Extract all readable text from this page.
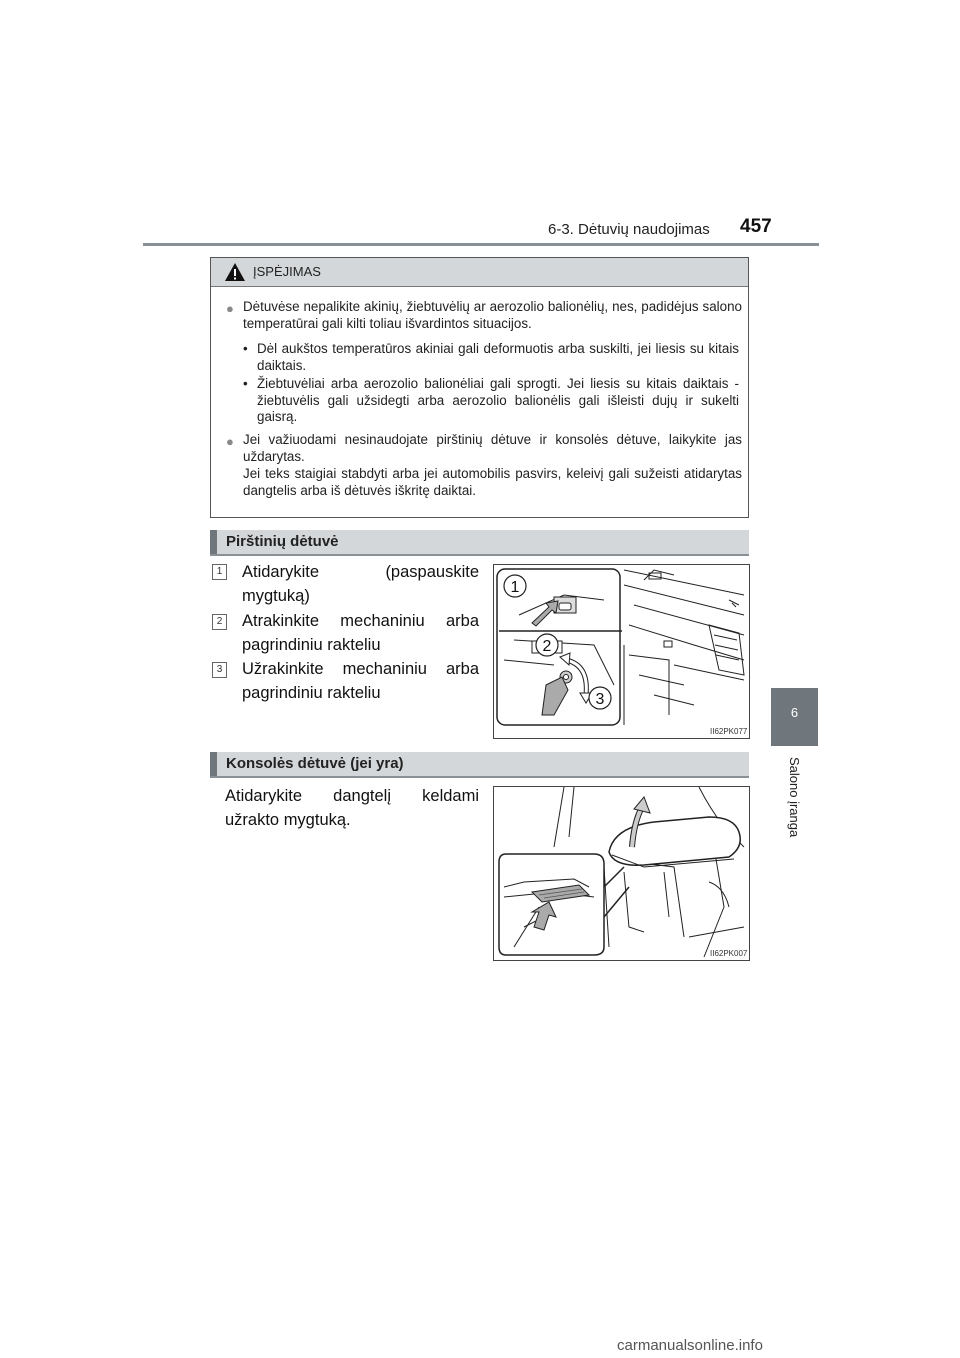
6-3. Dėtuvių naudojimas 457
6
Salono įranga
ĮSPĖJIMAS
● Dėtuvėse nepalikite akinių, žiebtuvėlių ar aerozolio balionėlių, nes, padidėjus salono temperatūrai gali kilti toliau išvardintos situacijos.
• Dėl aukštos temperatūros akiniai gali deformuotis arba suskilti, jei liesis su kitais daiktais.
• Žiebtuvėliai arba aerozolio balionėliai gali sprogti. Jei liesis su kitais daiktais - žiebtuvėlis gali užsidegti arba aerozolio balionėlis gali išleisti dujų ir sukelti gaisrą.
● Jei važiuodami nesinaudojate pirštinių dėtuve ir konsolės dėtuve, laikykite jas uždarytas.
Jei teks staigiai stabdyti arba jei automobilis pasvirs, keleivį gali sužeisti atidarytas dangtelis arba iš dėtuvės iškritę daiktai.
Pirštinių dėtuvė
1 Atidarykite (paspauskite mygtuką)
2 Atrakinkite mechaniniu arba pagrindiniu rakteliu
3 Užrakinkite mechaniniu arba pagrindiniu rakteliu
1
2
3
II62PK077
Konsolės dėtuvė (jei yra)
Atidarykite dangtelį keldami užrakto mygtuką.
II62PK007
carmanualsonline.info
